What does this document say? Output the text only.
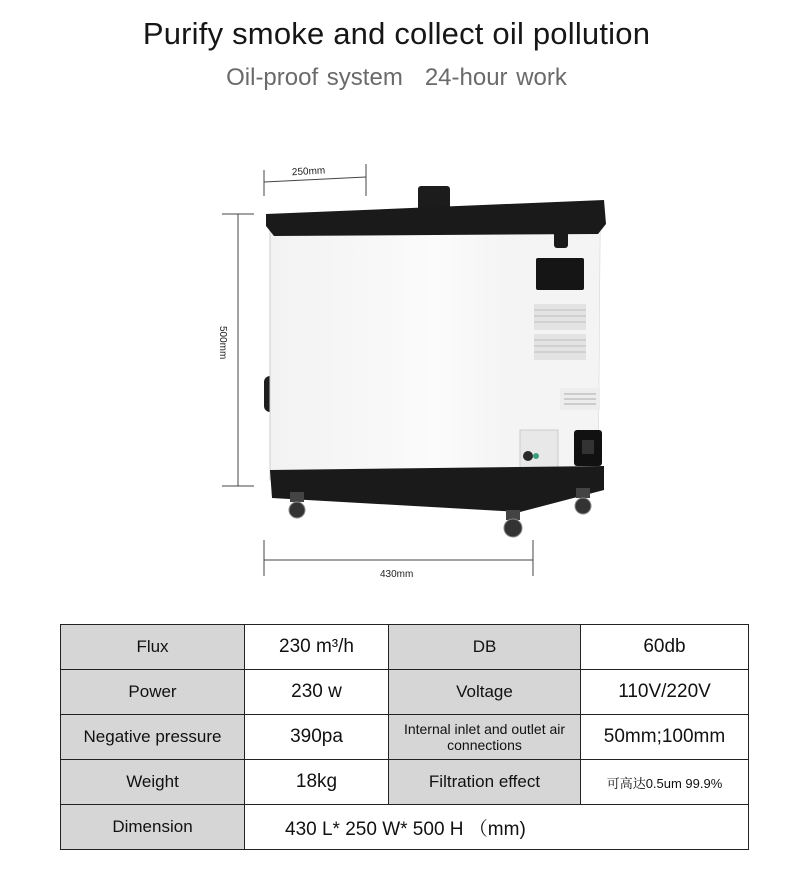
Purify smoke and collect oil pollution
Oil-proof system 24-hour work
250mm
500mm
430mm
Flux	230 m³/h	DB	60db
Power	230 w	Voltage	110V/220V
Negative pressure	390pa	Internal inlet and outlet air connections	50mm;100mm
Weight	18kg	Filtration effect	可高达0.5um 99.9%
Dimension	430 L* 250 W* 500 H （mm)		
